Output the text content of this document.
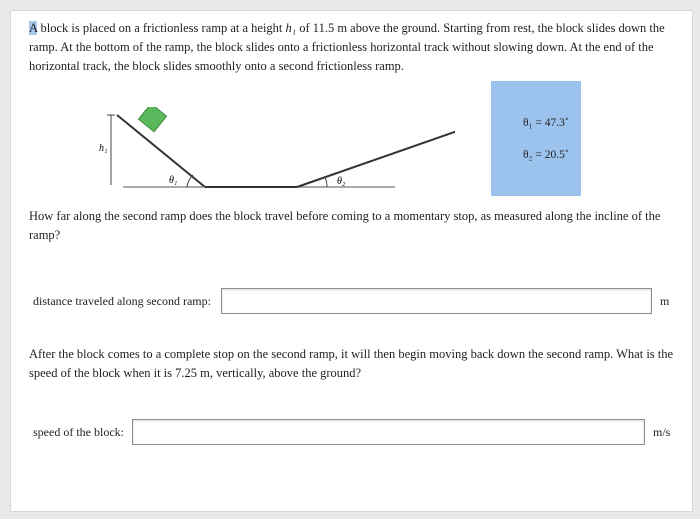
A block is placed on a frictionless ramp at a height h₁ of 11.5 m above the ground. Starting from rest, the block slides down the ramp. At the bottom of the ramp, the block slides onto a frictionless horizontal track without slowing down. At the end of the horizontal track, the block slides smoothly onto a second frictionless ramp.
h₁
θ₁	θ₂
θ₁ = 47.3˚
θ₂ = 20.5˚
How far along the second ramp does the block travel before coming to a momentary stop, as measured along the incline of the ramp?
distance traveled along second ramp:	m
After the block comes to a complete stop on the second ramp, it will then begin moving back down the second ramp. What is the speed of the block when it is 7.25 m, vertically, above the ground?
speed of the block:	m/s
